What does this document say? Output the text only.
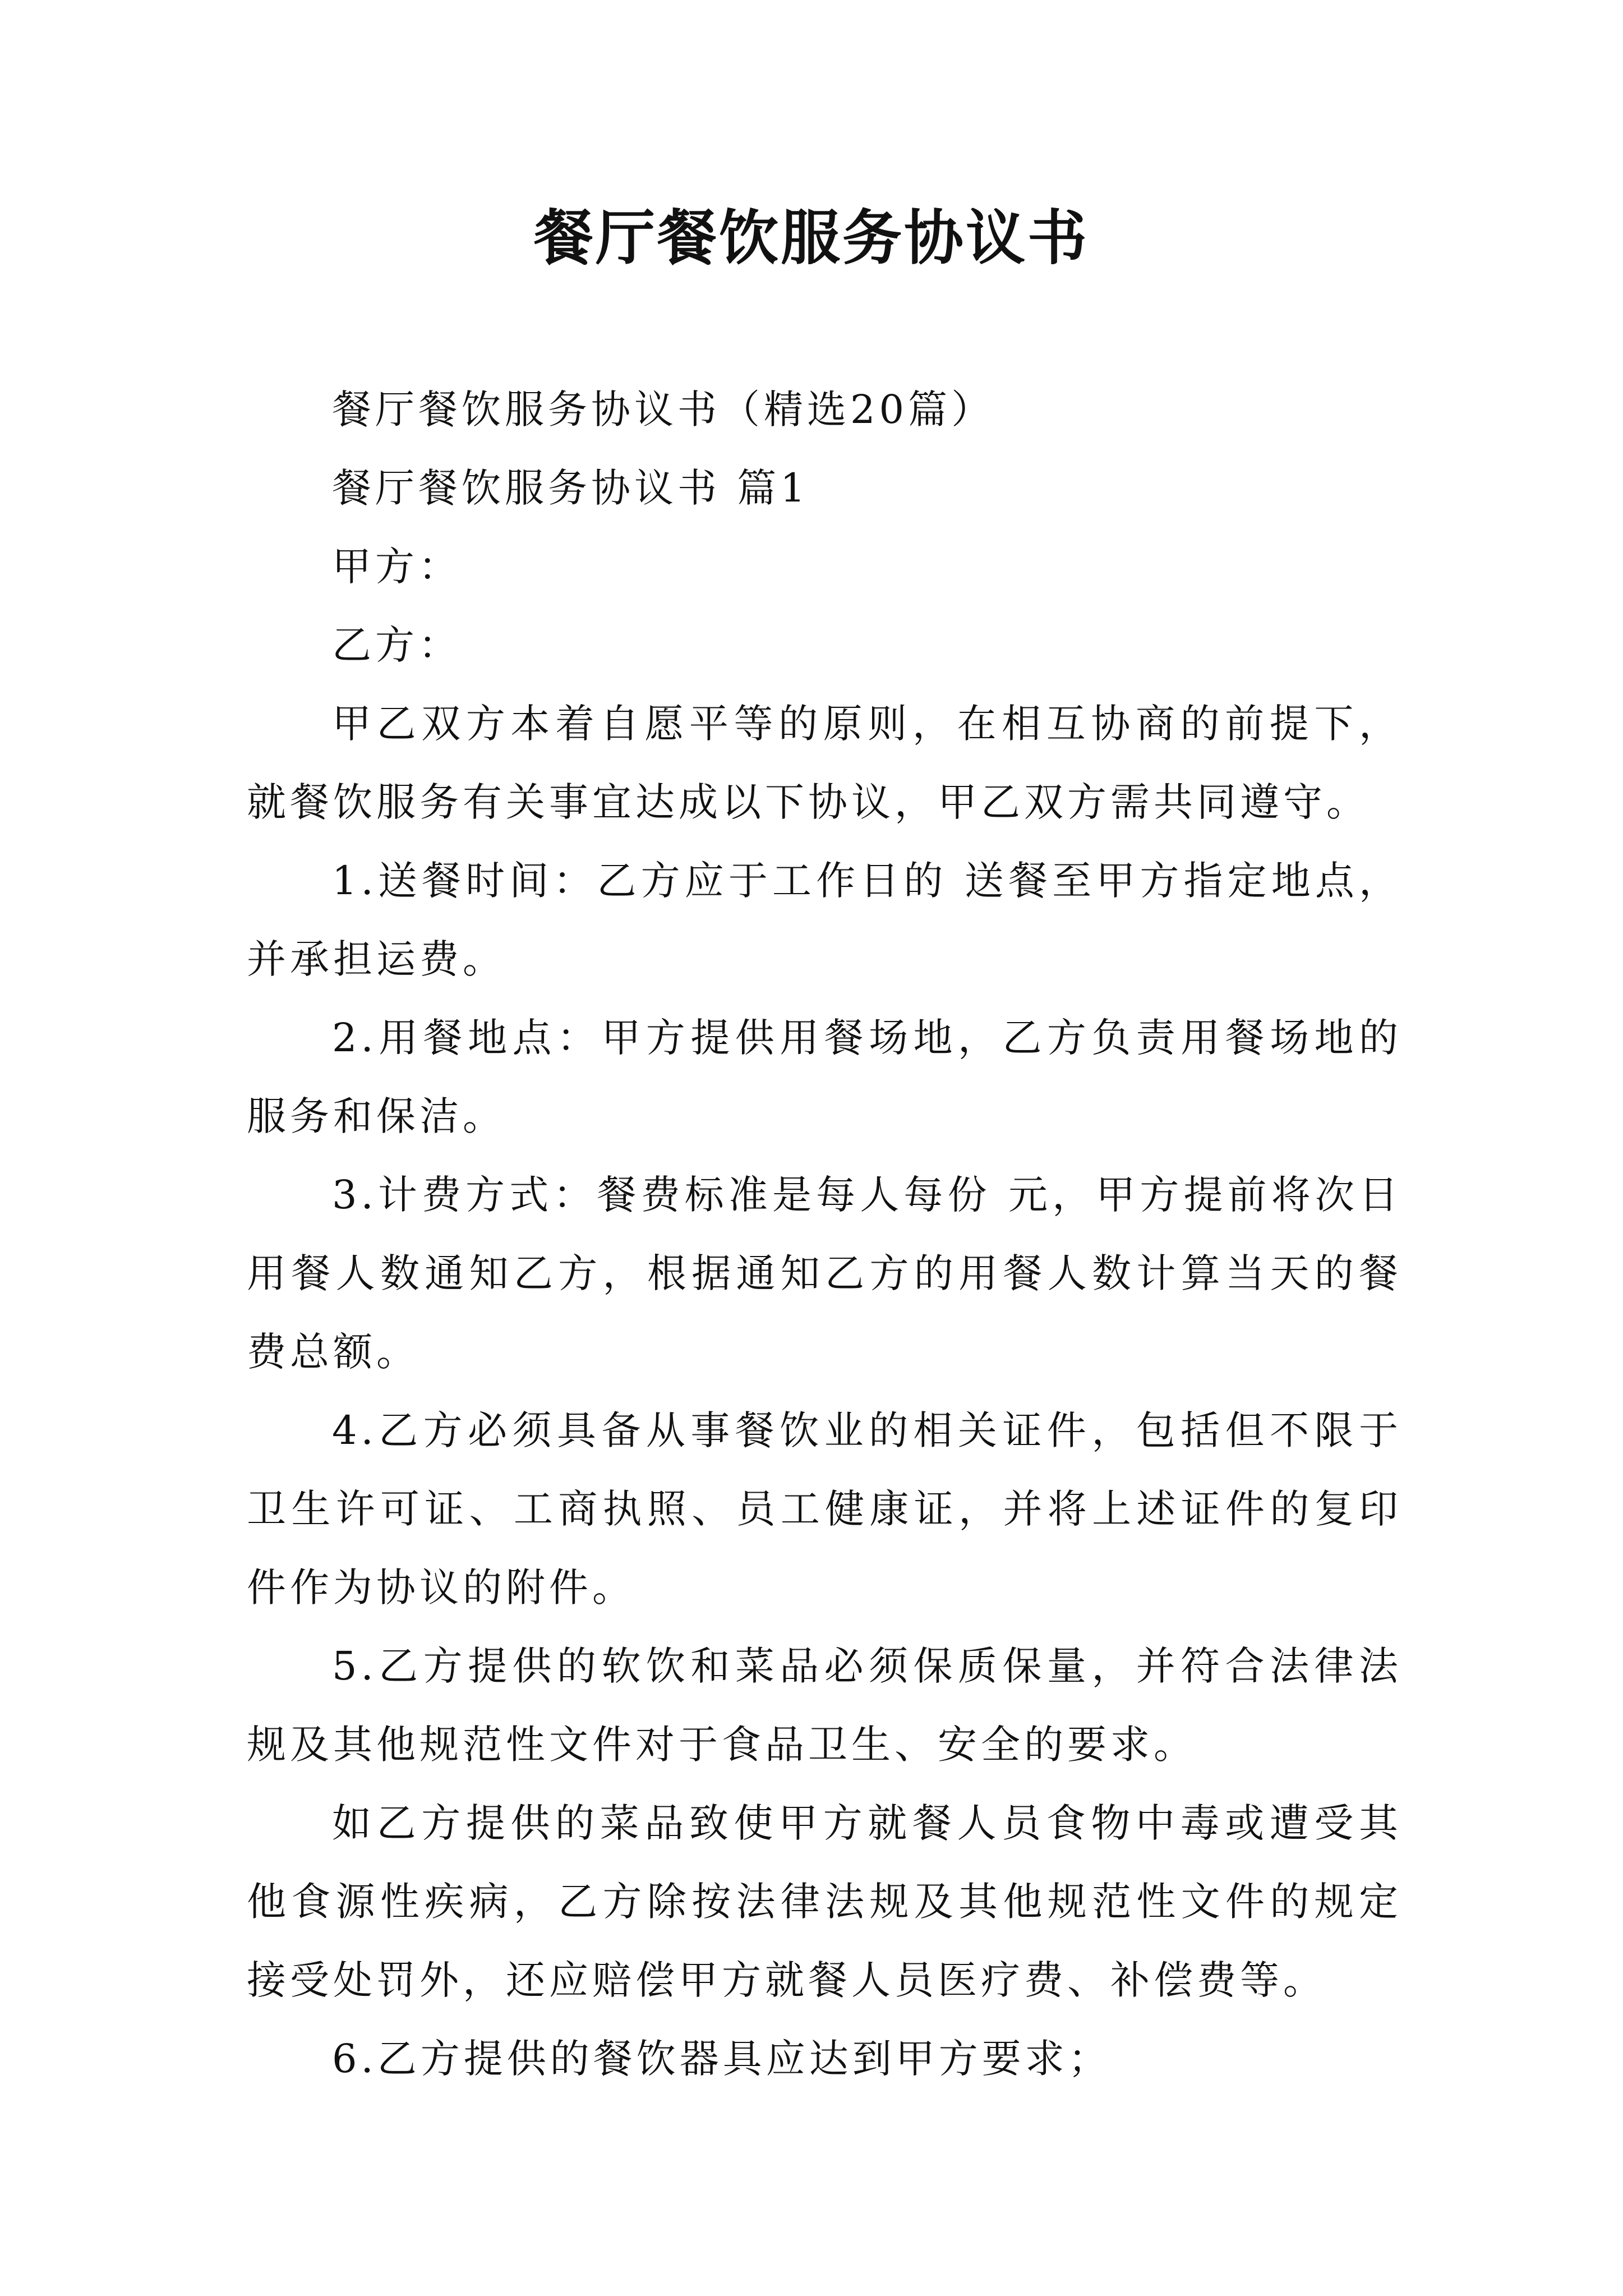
餐厅餐饮服务协议书

餐厅餐饮服务协议书（精选20篇）

餐厅餐饮服务协议书 篇1

甲方：

乙方：

甲乙双方本着自愿平等的原则，在相互协商的前提下，就餐饮服务有关事宜达成以下协议，甲乙双方需共同遵守。

1.送餐时间：乙方应于工作日的 送餐至甲方指定地点，并承担运费。

2.用餐地点：甲方提供用餐场地，乙方负责用餐场地的服务和保洁。

3.计费方式：餐费标准是每人每份 元，甲方提前将次日用餐人数通知乙方，根据通知乙方的用餐人数计算当天的餐费总额。

4.乙方必须具备从事餐饮业的相关证件，包括但不限于卫生许可证、工商执照、员工健康证，并将上述证件的复印件作为协议的附件。

5.乙方提供的软饮和菜品必须保质保量，并符合法律法规及其他规范性文件对于食品卫生、安全的要求。

如乙方提供的菜品致使甲方就餐人员食物中毒或遭受其他食源性疾病，乙方除按法律法规及其他规范性文件的规定接受处罚外，还应赔偿甲方就餐人员医疗费、补偿费等。

6.乙方提供的餐饮器具应达到甲方要求；
